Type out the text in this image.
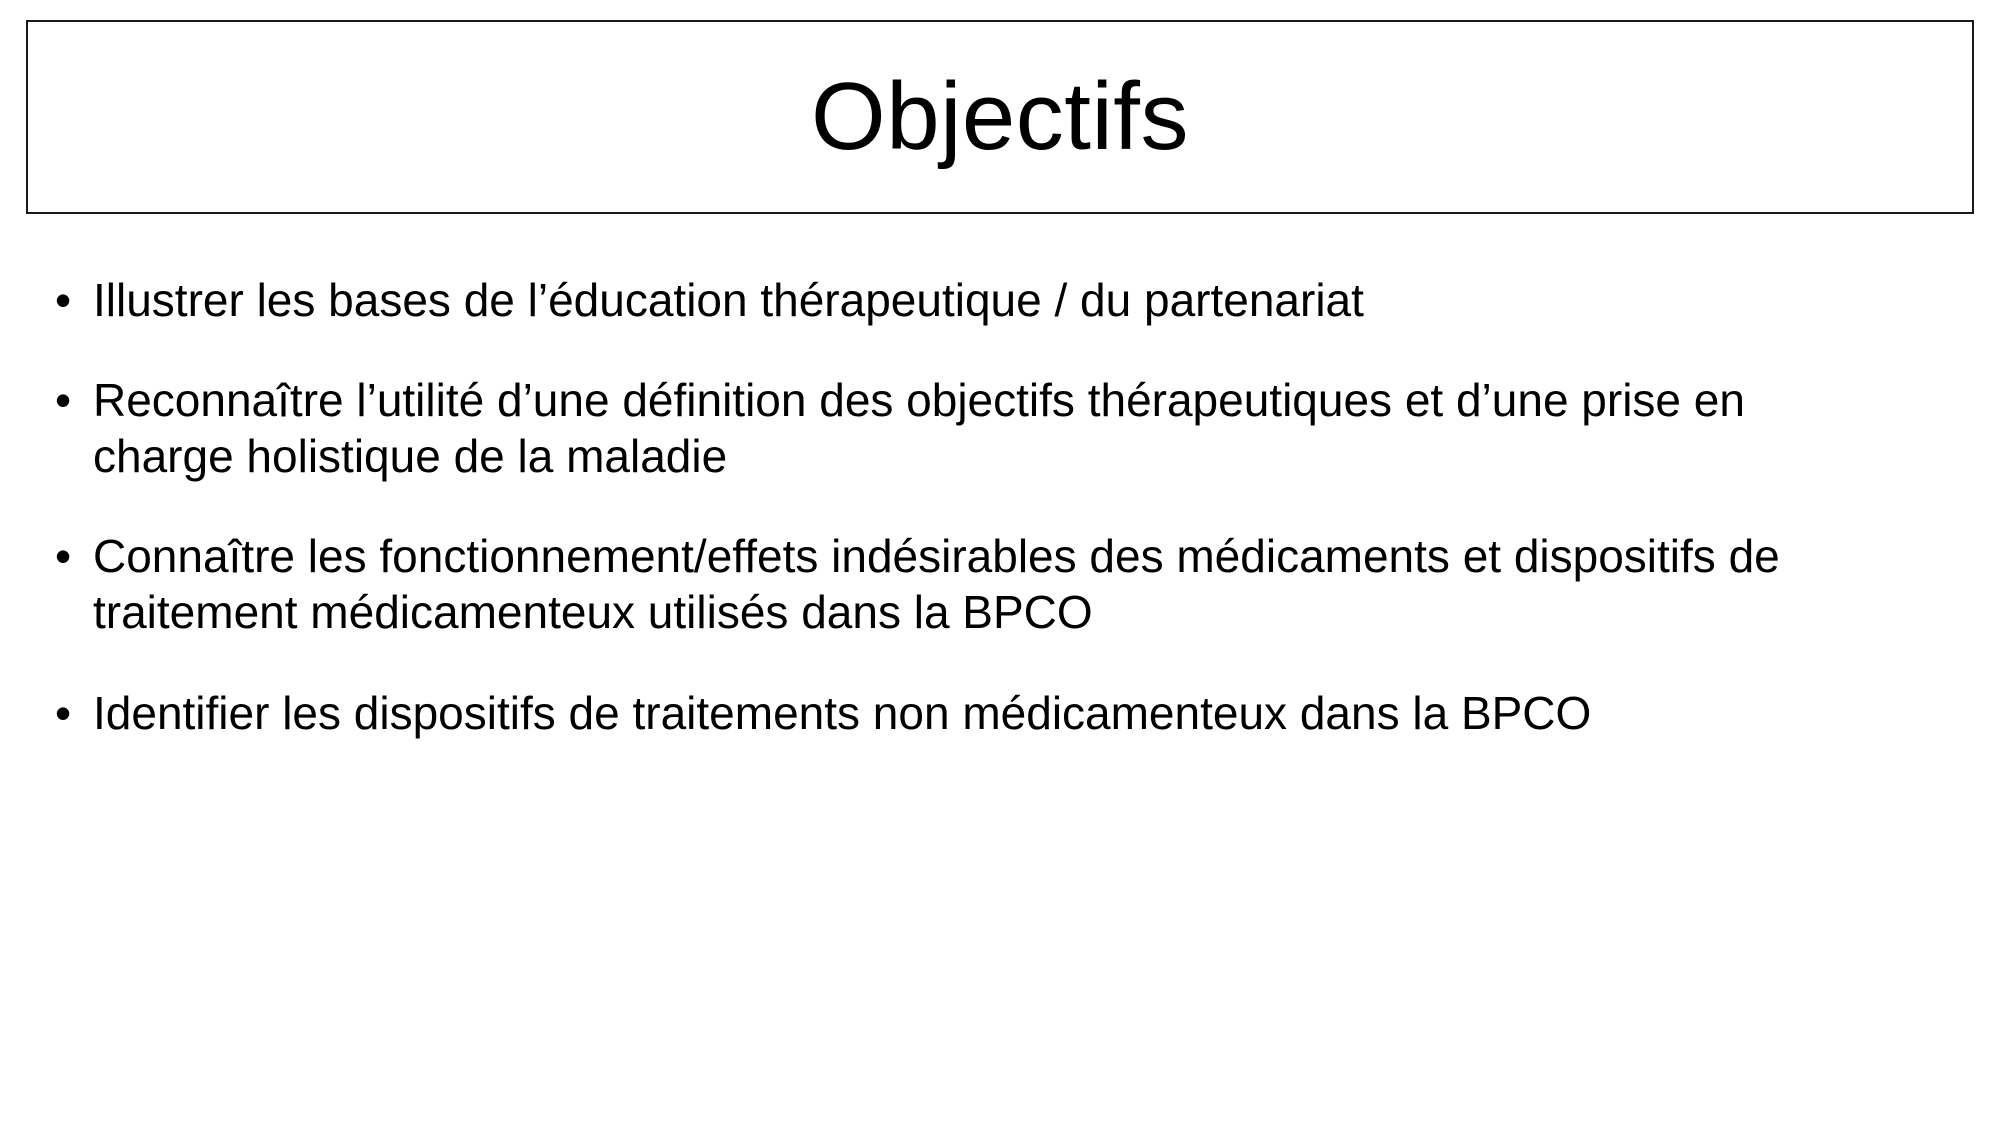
Objectifs
• Illustrer les bases de l’éducation thérapeutique / du partenariat
• Reconnaître l’utilité d’une définition des objectifs thérapeutiques et d’une prise en charge holistique de la maladie
• Connaître les fonctionnement/effets indésirables des médicaments et dispositifs de traitement médicamenteux utilisés dans la BPCO
• Identifier les dispositifs de traitements non médicamenteux dans la BPCO
